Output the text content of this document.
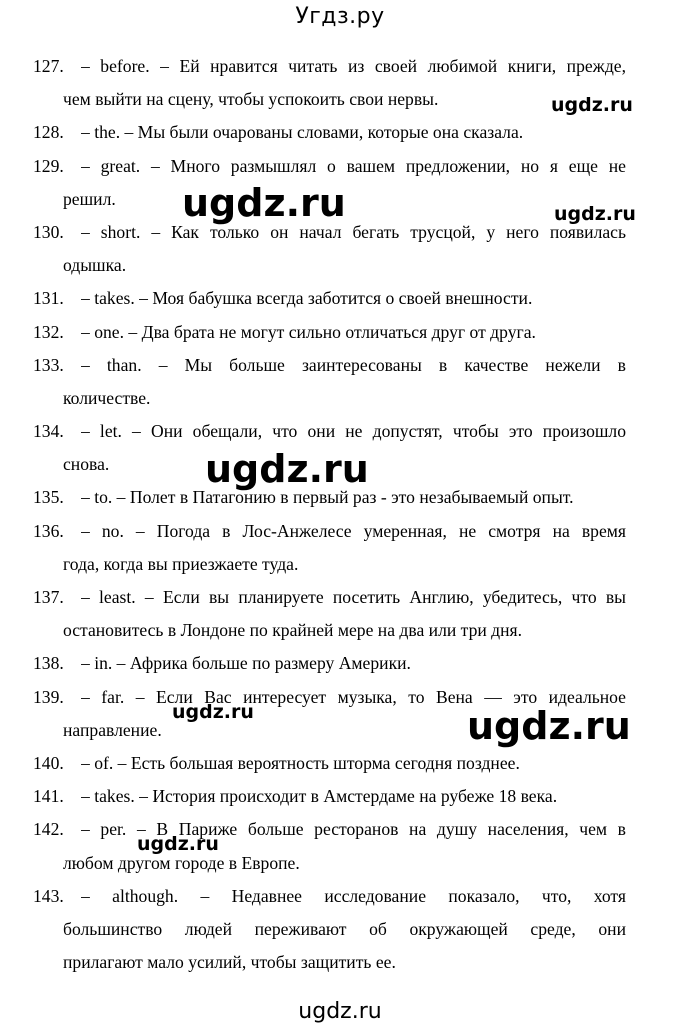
Угдз.ру
127. – before. – Ей нравится читать из своей любимой книги, прежде,
чем выйти на сцену, чтобы успокоить свои нервы.
128. – the. – Мы были очарованы словами, которые она сказала.
129. – great. – Много размышлял о вашем предложении, но я еще не
решил.
130. – short. – Как только он начал бегать трусцой, у него появилась
одышка.
131. – takes. – Моя бабушка всегда заботится о своей внешности.
132. – one. – Два брата не могут сильно отличаться друг от друга.
133. – than. – Мы больше заинтересованы в качестве нежели в
количестве.
134. – let. – Они обещали, что они не допустят, чтобы это произошло
снова.
135. – to. – Полет в Патагонию в первый раз - это незабываемый опыт.
136. – no. – Погода в Лос-Анжелесе умеренная, не смотря на время
года, когда вы приезжаете туда.
137. – least. – Если вы планируете посетить Англию, убедитесь, что вы
остановитесь в Лондоне по крайней мере на два или три дня.
138. – in. – Африка больше по размеру Америки.
139. – far. – Если Вас интересует музыка, то Вена — это идеальное
направление.
140. – of. – Есть большая вероятность шторма сегодня позднее.
141. – takes. – История происходит в Амстердаме на рубеже 18 века.
142. – per. – В Париже больше ресторанов на душу населения, чем в
любом другом городе в Европе.
143. – although. – Недавнее исследование показало, что, хотя
большинство людей переживают об окружающей среде, они
прилагают мало усилий, чтобы защитить ее.
ugdz.ru
ugdz.ru	ugdz.ru
ugdz.ru
ugdz.ru	ugdz.ru
ugdz.ru
ugdz.ru
